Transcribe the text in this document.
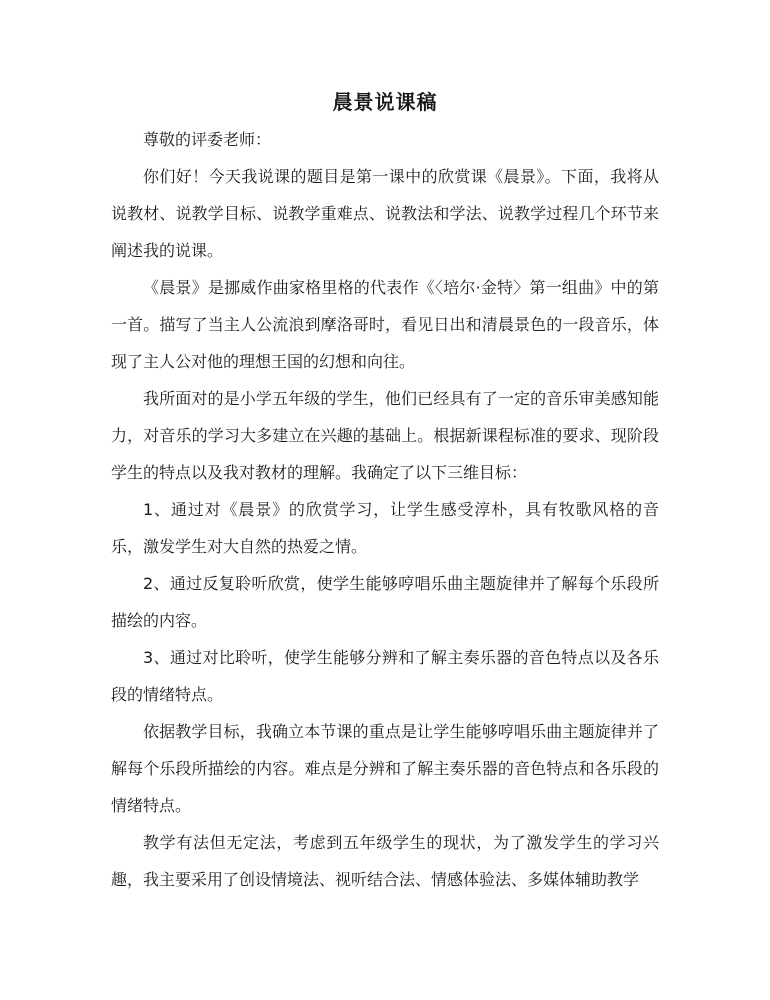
晨景说课稿

尊敬的评委老师：

你们好！今天我说课的题目是第一课中的欣赏课《晨景》。下面，我将从说教材、说教学目标、说教学重难点、说教法和学法、说教学过程几个环节来阐述我的说课。

《晨景》是挪威作曲家格里格的代表作《〈培尔·金特〉第一组曲》中的第一首。描写了当主人公流浪到摩洛哥时，看见日出和清晨景色的一段音乐，体现了主人公对他的理想王国的幻想和向往。

我所面对的是小学五年级的学生，他们已经具有了一定的音乐审美感知能力，对音乐的学习大多建立在兴趣的基础上。根据新课程标准的要求、现阶段学生的特点以及我对教材的理解。我确定了以下三维目标：

1、通过对《晨景》的欣赏学习，让学生感受淳朴，具有牧歌风格的音乐，激发学生对大自然的热爱之情。

2、通过反复聆听欣赏，使学生能够哼唱乐曲主题旋律并了解每个乐段所描绘的内容。

3、通过对比聆听，使学生能够分辨和了解主奏乐器的音色特点以及各乐段的情绪特点。

依据教学目标，我确立本节课的重点是让学生能够哼唱乐曲主题旋律并了解每个乐段所描绘的内容。难点是分辨和了解主奏乐器的音色特点和各乐段的情绪特点。

教学有法但无定法，考虑到五年级学生的现状，为了激发学生的学习兴趣，我主要采用了创设情境法、视听结合法、情感体验法、多媒体辅助教学
